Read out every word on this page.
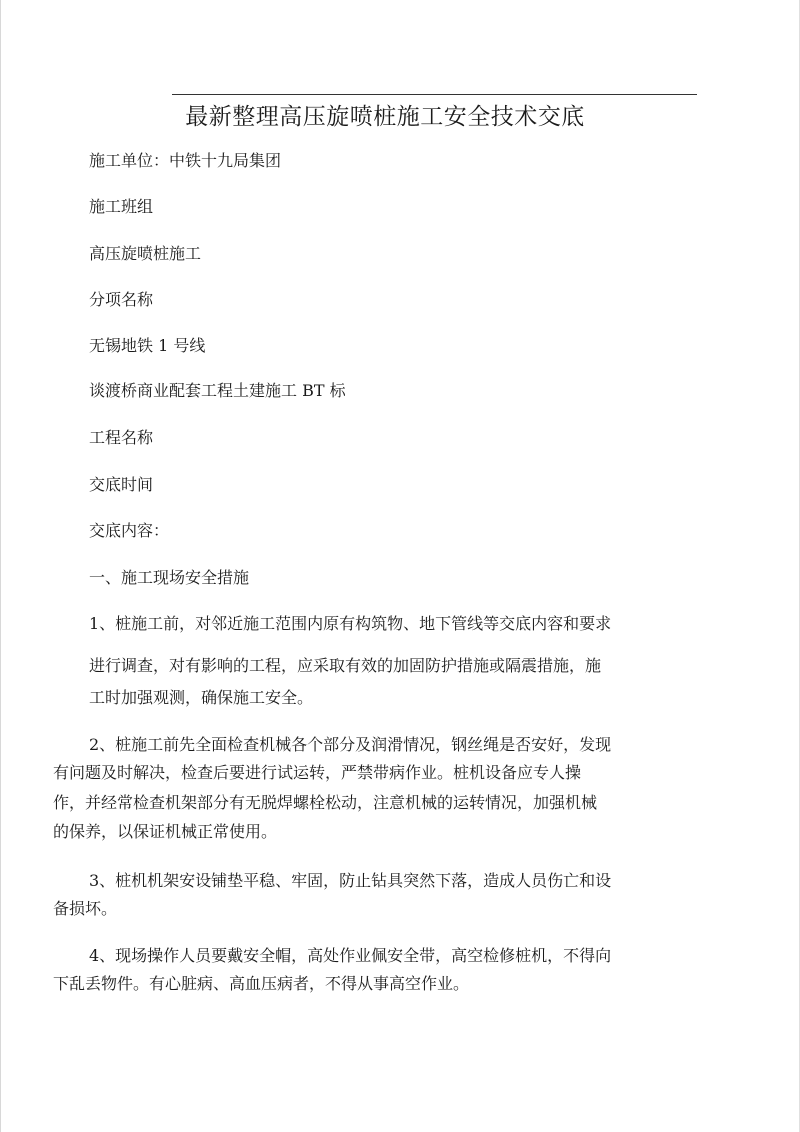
最新整理高压旋喷桩施工安全技术交底
施工单位：中铁十九局集团
施工班组
高压旋喷桩施工
分项名称
无锡地铁 1 号线
谈渡桥商业配套工程土建施工 BT 标
工程名称
交底时间
交底内容：
一、施工现场安全措施
1、桩施工前，对邻近施工范围内原有构筑物、地下管线等交底内容和要求
进行调查，对有影响的工程，应采取有效的加固防护措施或隔震措施，施
工时加强观测，确保施工安全。
2、桩施工前先全面检查机械各个部分及润滑情况，钢丝绳是否安好，发现
有问题及时解决，检查后要进行试运转，严禁带病作业。桩机设备应专人操
作，并经常检查机架部分有无脱焊螺栓松动，注意机械的运转情况，加强机械
的保养，以保证机械正常使用。
3、桩机机架安设铺垫平稳、牢固，防止钻具突然下落，造成人员伤亡和设
备损坏。
4、现场操作人员要戴安全帽，高处作业佩安全带，高空检修桩机，不得向
下乱丢物件。有心脏病、高血压病者，不得从事高空作业。
